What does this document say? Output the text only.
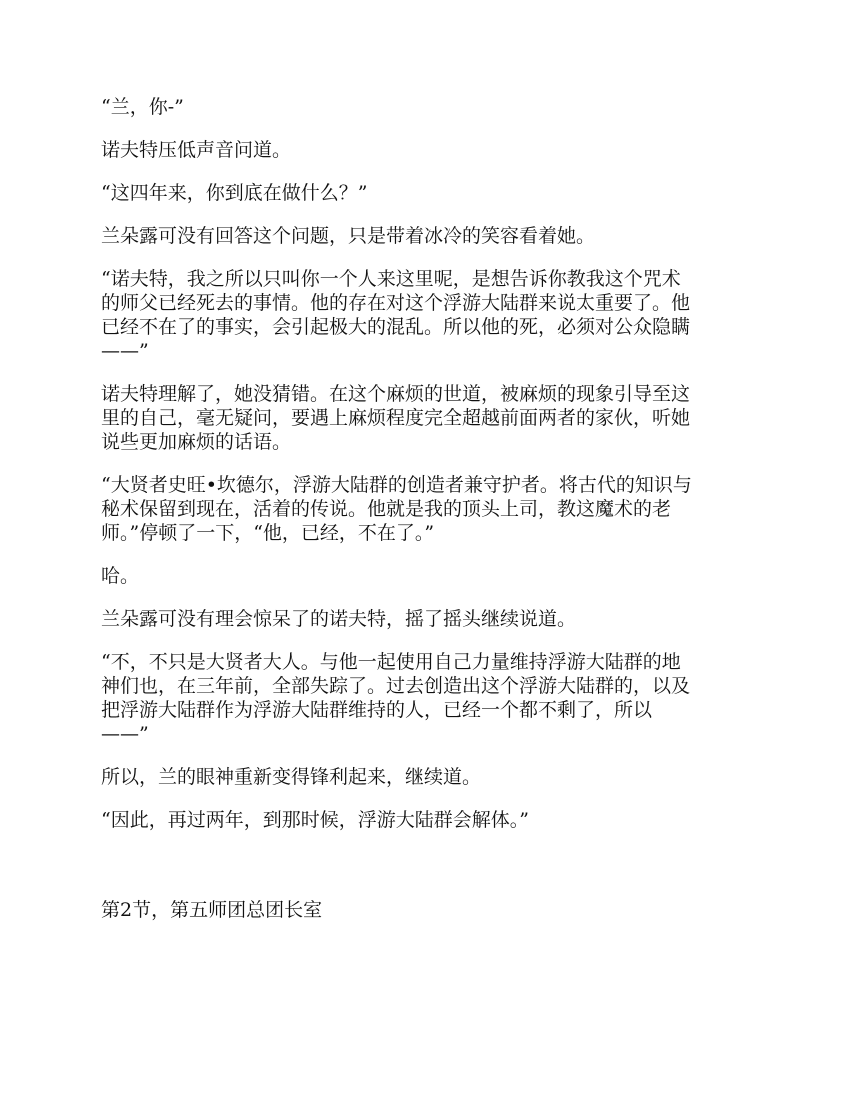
“兰，你-”

诺夫特压低声音问道。

“这四年来，你到底在做什么？”

兰朵露可没有回答这个问题，只是带着冰冷的笑容看着她。

“诺夫特，我之所以只叫你一个人来这里呢，是想告诉你教我这个咒术
的师父已经死去的事情。他的存在对这个浮游大陆群来说太重要了。他
已经不在了的事实，会引起极大的混乱。所以他的死，必须对公众隐瞒
——”

诺夫特理解了，她没猜错。在这个麻烦的世道，被麻烦的现象引导至这
里的自己，毫无疑问，要遇上麻烦程度完全超越前面两者的家伙，听她
说些更加麻烦的话语。

“大贤者史旺•坎德尔，浮游大陆群的创造者兼守护者。将古代的知识与
秘术保留到现在，活着的传说。他就是我的顶头上司，教这魔术的老
师。”停顿了一下，“他，已经，不在了。”

哈。

兰朵露可没有理会惊呆了的诺夫特，摇了摇头继续说道。

“不，不只是大贤者大人。与他一起使用自己力量维持浮游大陆群的地
神们也，在三年前，全部失踪了。过去创造出这个浮游大陆群的，以及
把浮游大陆群作为浮游大陆群维持的人，已经一个都不剩了，所以
——”

所以，兰的眼神重新变得锋利起来，继续道。

“因此，再过两年，到那时候，浮游大陆群会解体。”

第2节，第五师团总团长室
